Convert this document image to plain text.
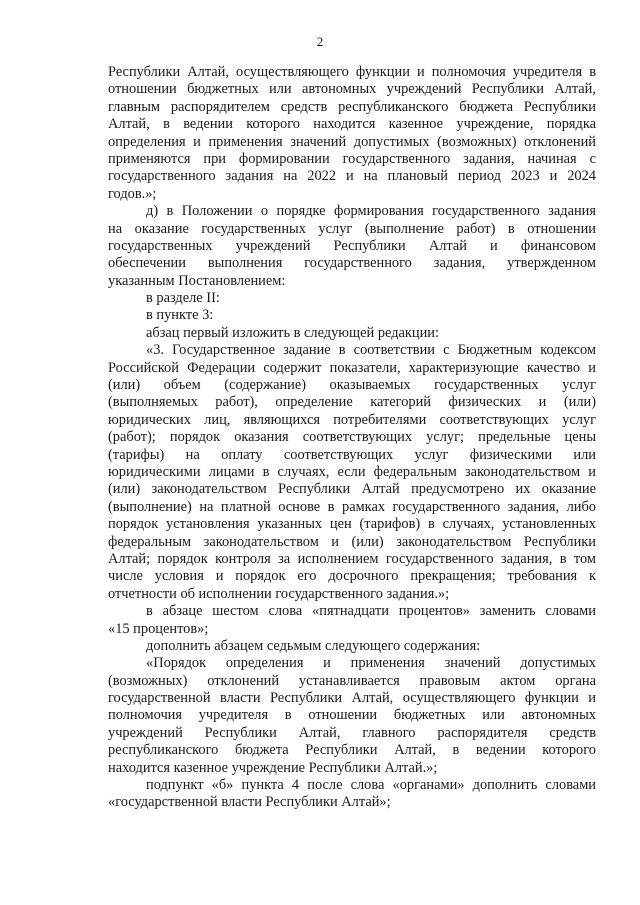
2
Республики Алтай, осуществляющего функции и полномочия учредителя в
отношении бюджетных или автономных учреждений Республики Алтай,
главным распорядителем средств республиканского бюджета Республики
Алтай, в ведении которого находится казенное учреждение, порядка
определения и применения значений допустимых (возможных) отклонений
применяются при формировании государственного задания, начиная с
государственного задания на 2022 и на плановый период 2023 и 2024
годов.»;
д) в Положении о порядке формирования государственного задания
на оказание государственных услуг (выполнение работ) в отношении
государственных учреждений Республики Алтай и финансовом
обеспечении выполнения государственного задания, утвержденном
указанным Постановлением:
в разделе II:
в пункте 3:
абзац первый изложить в следующей редакции:
«3. Государственное задание в соответствии с Бюджетным кодексом
Российской Федерации содержит показатели, характеризующие качество и
(или) объем (содержание) оказываемых государственных услуг
(выполняемых работ), определение категорий физических и (или)
юридических лиц, являющихся потребителями соответствующих услуг
(работ); порядок оказания соответствующих услуг; предельные цены
(тарифы) на оплату соответствующих услуг физическими или
юридическими лицами в случаях, если федеральным законодательством и
(или) законодательством Республики Алтай предусмотрено их оказание
(выполнение) на платной основе в рамках государственного задания, либо
порядок установления указанных цен (тарифов) в случаях, установленных
федеральным законодательством и (или) законодательством Республики
Алтай; порядок контроля за исполнением государственного задания, в том
числе условия и порядок его досрочного прекращения; требования к
отчетности об исполнении государственного задания.»;
в абзаце шестом слова «пятнадцати процентов» заменить словами
«15 процентов»;
дополнить абзацем седьмым следующего содержания:
«Порядок определения и применения значений допустимых
(возможных) отклонений устанавливается правовым актом органа
государственной власти Республики Алтай, осуществляющего функции и
полномочия учредителя в отношении бюджетных или автономных
учреждений Республики Алтай, главного распорядителя средств
республиканского бюджета Республики Алтай, в ведении которого
находится казенное учреждение Республики Алтай.»;
подпункт «б» пункта 4 после слова «органами» дополнить словами
«государственной власти Республики Алтай»;
